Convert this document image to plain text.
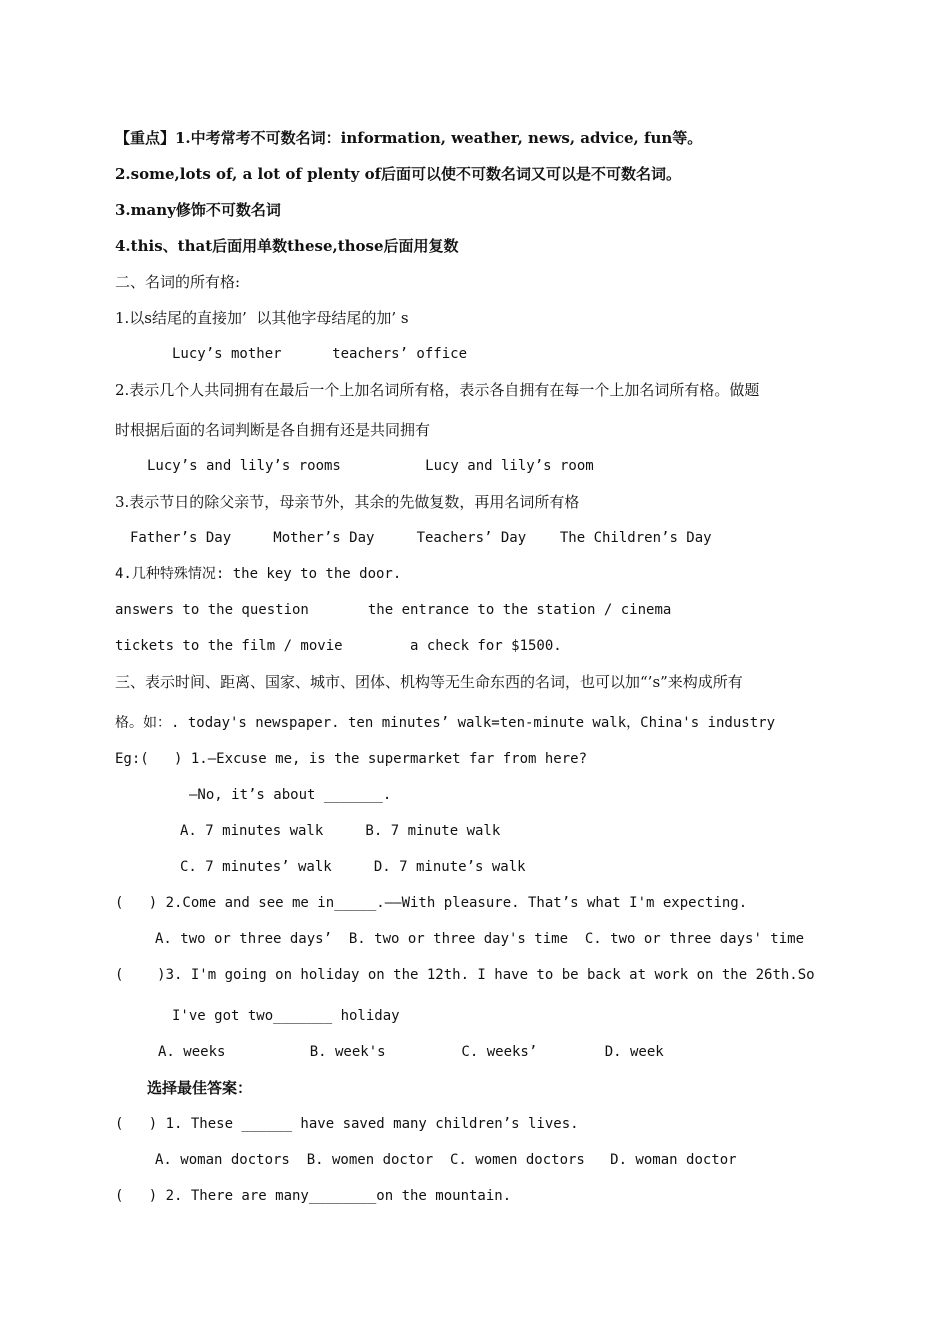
【重点】1.中考常考不可数名词：information, weather, news, advice, fun等。
2.some,lots of, a lot of plenty of后面可以使不可数名词又可以是不可数名词。
3.many修饰不可数名词
4.this、that后面用单数these,those后面用复数
二、名词的所有格:
1.以s结尾的直接加’  以其他字母结尾的加’ s
Lucy’s mother      teachers’ office
2.表示几个人共同拥有在最后一个上加名词所有格，表示各自拥有在每一个上加名词所有格。做题
时根据后面的名词判断是各自拥有还是共同拥有
Lucy’s and lily’s rooms          Lucy and lily’s room
3.表示节日的除父亲节，母亲节外，其余的先做复数，再用名词所有格
Father’s Day     Mother’s Day     Teachers’ Day    The Children’s Day
4.几种特殊情况: the key to the door.
answers to the question       the entrance to the station / cinema
tickets to the film / movie        a check for $1500.
三、表示时间、距离、国家、城市、团体、机构等无生命东西的名词，也可以加“’s”来构成所有
格。如：. today's newspaper. ten minutes’ walk=ten-minute walk，China's industry
Eg:(   ) 1.—Excuse me, is the supermarket far from here?
—No, it’s about _______.
A. 7 minutes walk     B. 7 minute walk
C. 7 minutes’ walk     D. 7 minute’s walk
(   ) 2.Come and see me in_____.——With pleasure. That’s what I'm expecting.
A. two or three days’  B. two or three day's time  C. two or three days' time
(    )3. I'm going on holiday on the 12th. I have to be back at work on the 26th.So
I've got two_______ holiday
A. weeks          B. week's         C. weeks’        D. week
选择最佳答案：
(   ) 1. These ______ have saved many children’s lives.
A. woman doctors  B. women doctor  C. women doctors   D. woman doctor
(   ) 2. There are many________on the mountain.
